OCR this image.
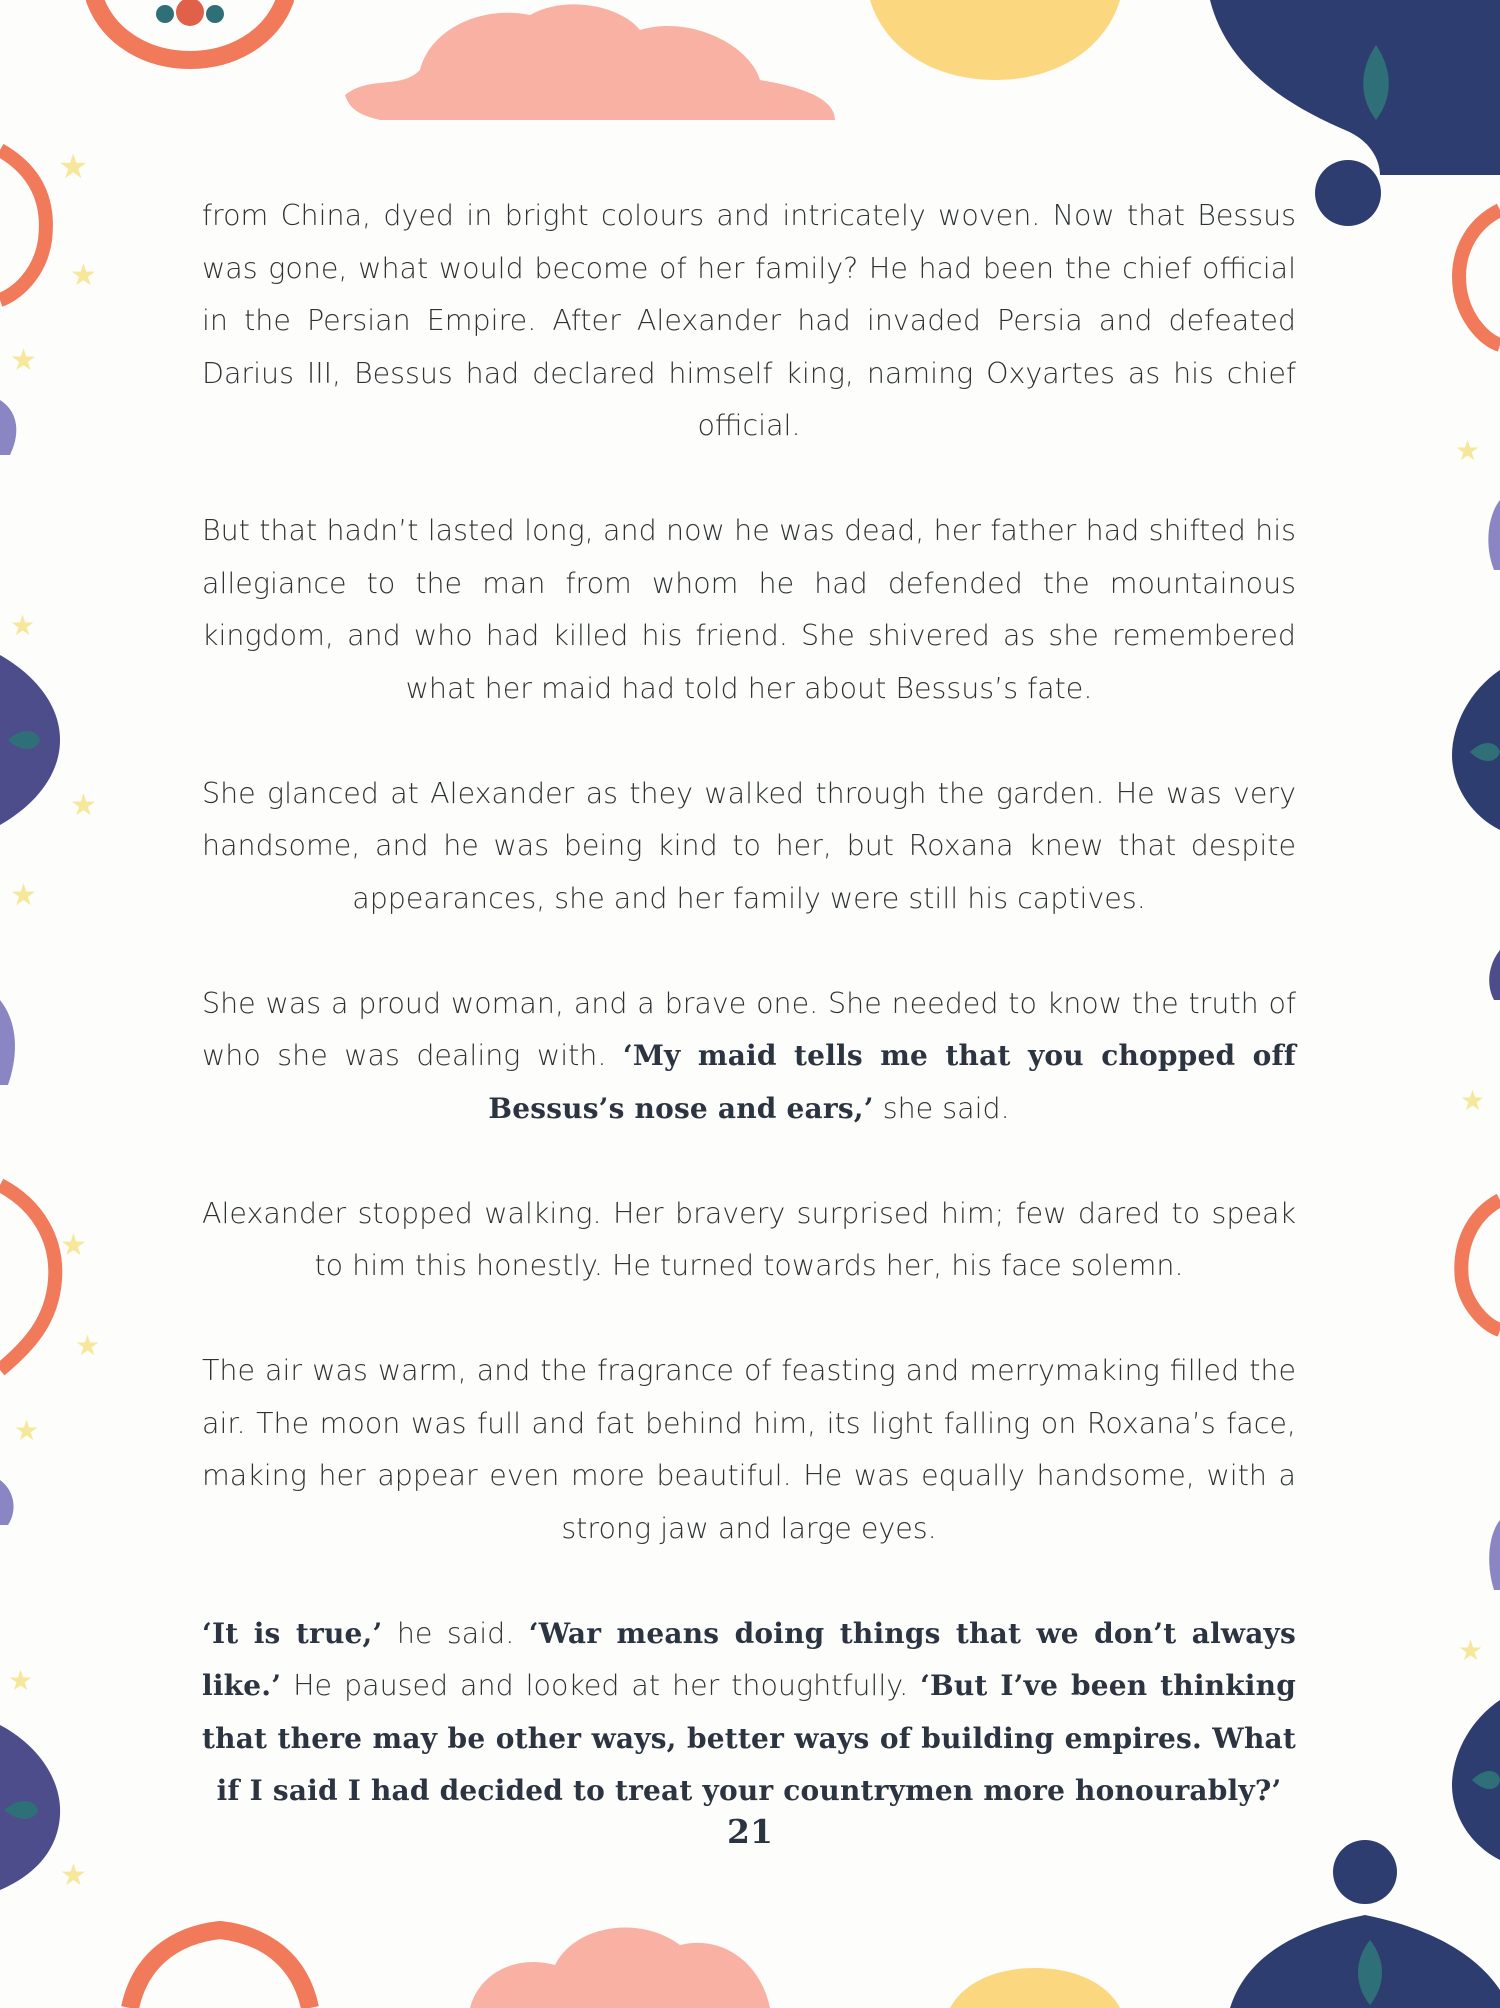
★
★
★
★
★
★
★
★
★
★
★
★
★
★

from China, dyed in bright colours and intricately woven. Now that Bessus was gone, what would become of her family? He had been the chief official in the Persian Empire. After Alexander had invaded Persia and defeated Darius III, Bessus had declared himself king, naming Oxyartes as his chief official.

But that hadn’t lasted long, and now he was dead, her father had shifted his allegiance to the man from whom he had defended the mountainous kingdom, and who had killed his friend. She shivered as she remembered what her maid had told her about Bessus’s fate.

She glanced at Alexander as they walked through the garden. He was very handsome, and he was being kind to her, but Roxana knew that despite appearances, she and her family were still his captives.

She was a proud woman, and a brave one. She needed to know the truth of who she was dealing with. ‘My maid tells me that you chopped off Bessus’s nose and ears,’ she said.

Alexander stopped walking. Her bravery surprised him; few dared to speak to him this honestly. He turned towards her, his face solemn.

The air was warm, and the fragrance of feasting and merrymaking filled the air. The moon was full and fat behind him, its light falling on Roxana’s face, making her appear even more beautiful. He was equally handsome, with a strong jaw and large eyes.

‘It is true,’ he said. ‘War means doing things that we don’t always like.’ He paused and looked at her thoughtfully. ‘But I’ve been thinking that there may be other ways, better ways of building empires. What if I said I had decided to treat your countrymen more honourably?’

21
